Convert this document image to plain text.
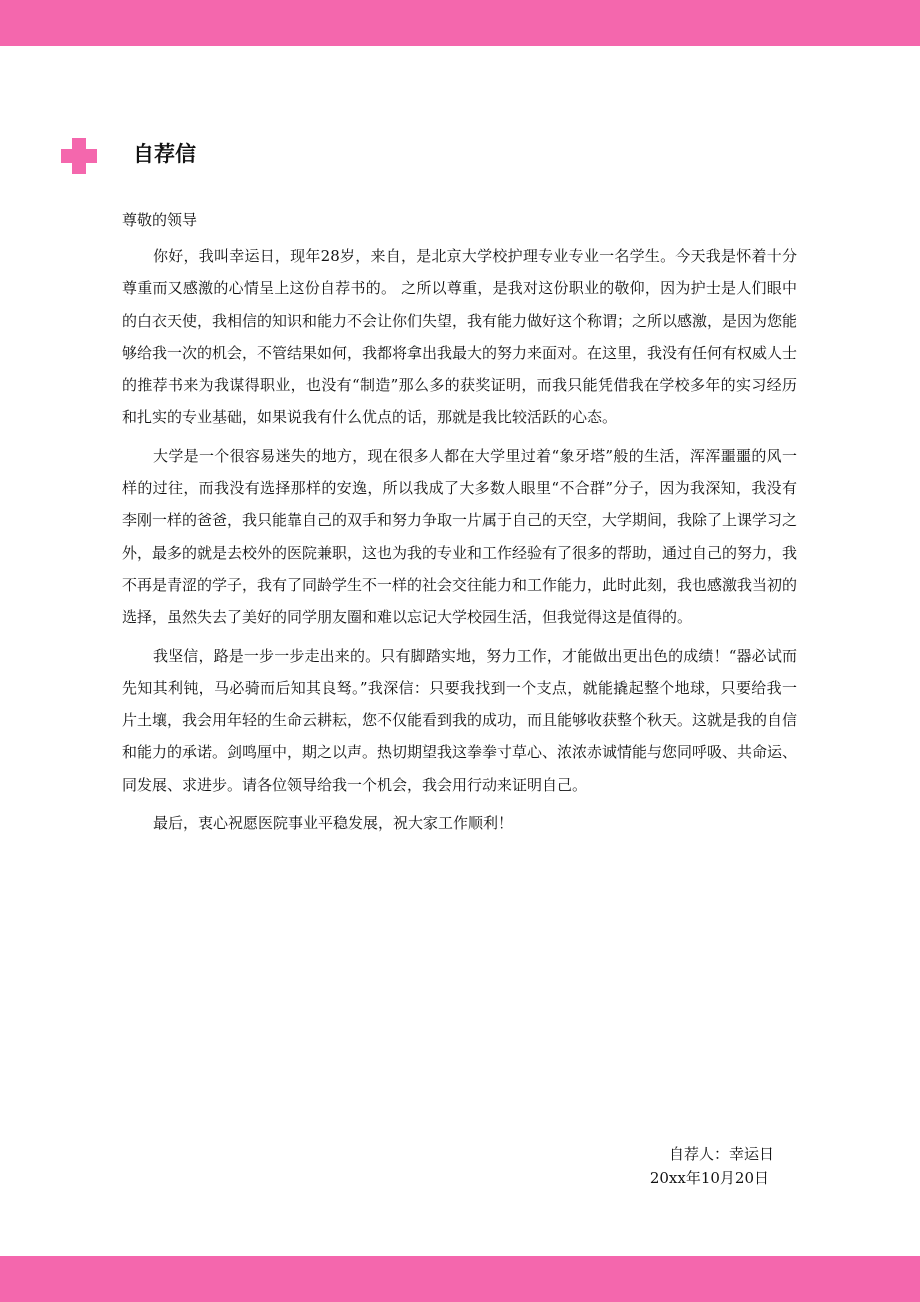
自荐信

尊敬的领导

你好，我叫幸运日，现年28岁，来自，是北京大学校护理专业专业一名学生。今天我是怀着十分尊重而又感激的心情呈上这份自荐书的。 之所以尊重，是我对这份职业的敬仰，因为护士是人们眼中的白衣天使，我相信的知识和能力不会让你们失望，我有能力做好这个称谓；之所以感激，是因为您能够给我一次的机会，不管结果如何，我都将拿出我最大的努力来面对。在这里，我没有任何有权威人士的推荐书来为我谋得职业，也没有“制造”那么多的获奖证明，而我只能凭借我在学校多年的实习经历和扎实的专业基础，如果说我有什么优点的话，那就是我比较活跃的心态。

大学是一个很容易迷失的地方，现在很多人都在大学里过着“象牙塔”般的生活，浑浑噩噩的风一样的过往，而我没有选择那样的安逸，所以我成了大多数人眼里“不合群”分子，因为我深知，我没有李刚一样的爸爸，我只能靠自己的双手和努力争取一片属于自己的天空，大学期间，我除了上课学习之外，最多的就是去校外的医院兼职，这也为我的专业和工作经验有了很多的帮助，通过自己的努力，我不再是青涩的学子，我有了同龄学生不一样的社会交往能力和工作能力，此时此刻，我也感激我当初的选择，虽然失去了美好的同学朋友圈和难以忘记大学校园生活，但我觉得这是值得的。

我坚信，路是一步一步走出来的。只有脚踏实地，努力工作，才能做出更出色的成绩！“器必试而先知其利钝，马必骑而后知其良驽。”我深信：只要我找到一个支点，就能撬起整个地球，只要给我一片土壤，我会用年轻的生命云耕耘，您不仅能看到我的成功，而且能够收获整个秋天。这就是我的自信和能力的承诺。剑鸣厘中，期之以声。热切期望我这拳拳寸草心、浓浓赤诚情能与您同呼吸、共命运、同发展、求进步。请各位领导给我一个机会，我会用行动来证明自己。

最后，衷心祝愿医院事业平稳发展，祝大家工作顺利！

自荐人：幸运日
20xx年10月20日
